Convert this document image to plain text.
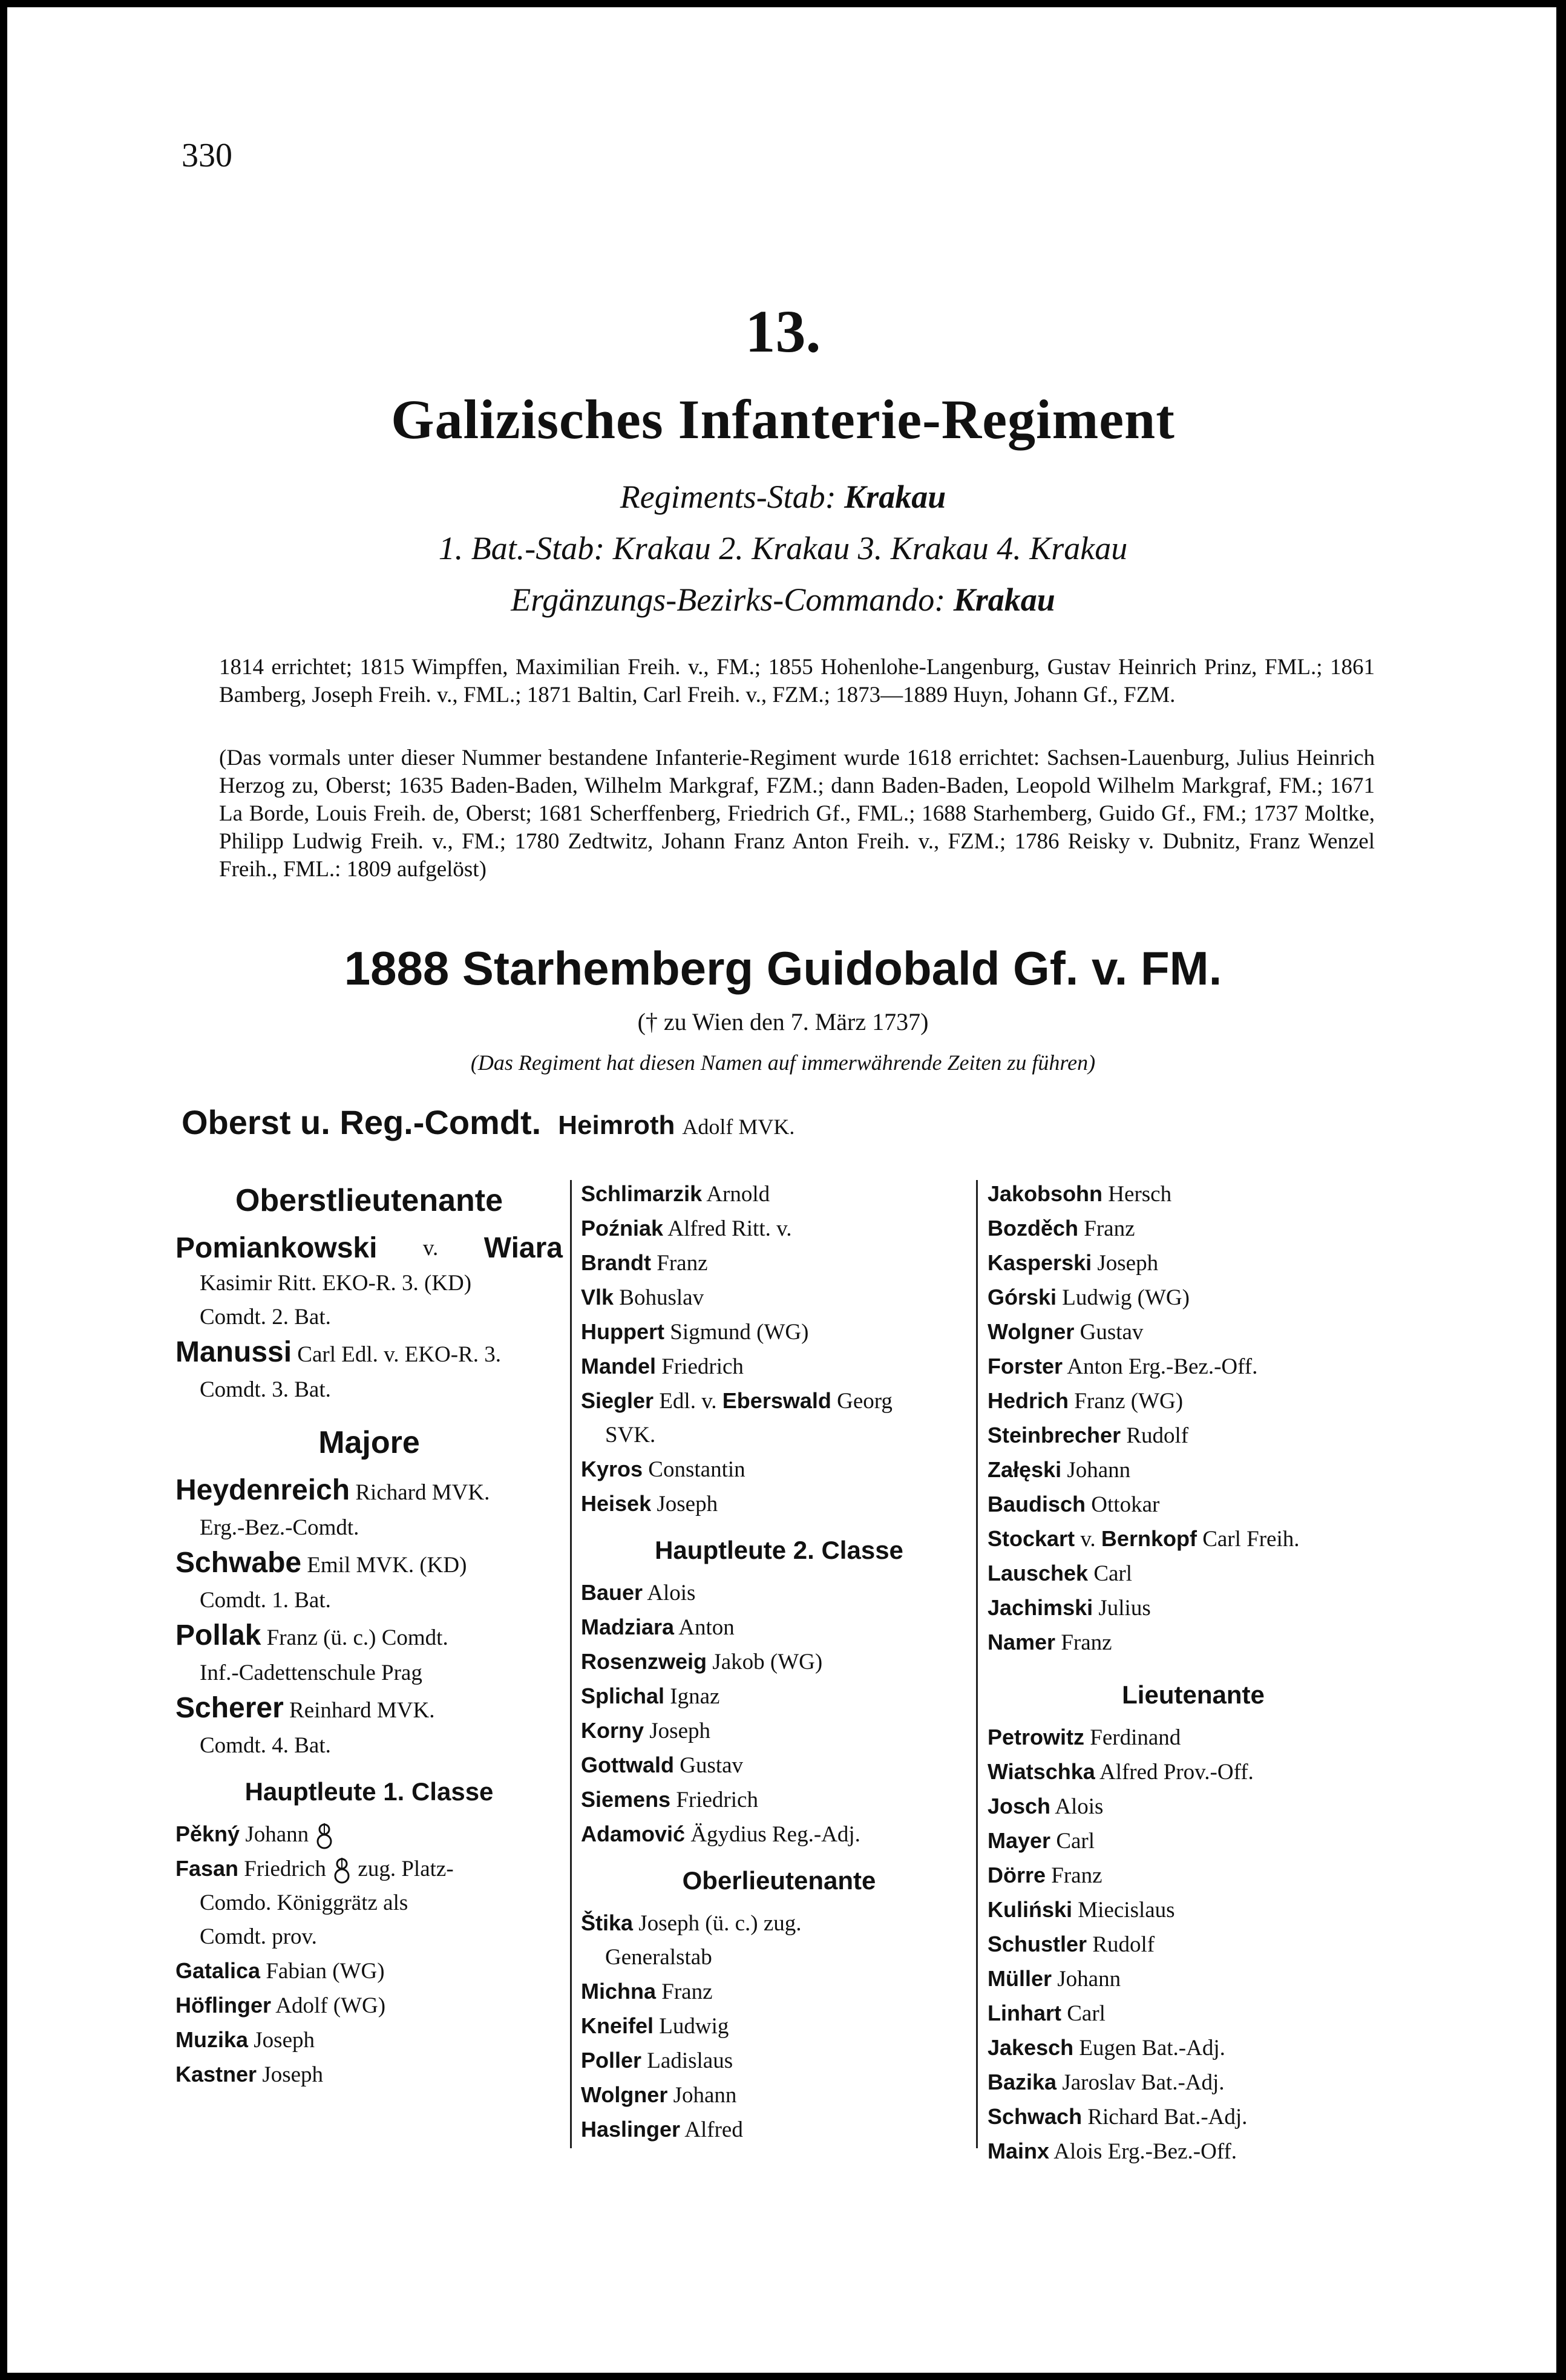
330
13.
Galizisches Infanterie-Regiment
Regiments-Stab: Krakau
1. Bat.-Stab: Krakau 2. Krakau 3. Krakau 4. Krakau
Ergänzungs-Bezirks-Commando: Krakau
1814 errichtet; 1815 Wimpffen, Maximilian Freih. v., FM.; 1855 Hohenlohe-Langenburg, Gustav Heinrich Prinz, FML.; 1861 Bamberg, Joseph Freih. v., FML.; 1871 Baltin, Carl Freih. v., FZM.; 1873—1889 Huyn, Johann Gf., FZM.
(Das vormals unter dieser Nummer bestandene Infanterie-Regiment wurde 1618 errichtet: Sachsen-Lauenburg, Julius Heinrich Herzog zu, Oberst; 1635 Baden-Baden, Wilhelm Markgraf, FZM.; dann Baden-Baden, Leopold Wilhelm Markgraf, FM.; 1671 La Borde, Louis Freih. de, Oberst; 1681 Scherffenberg, Friedrich Gf., FML.; 1688 Starhemberg, Guido Gf., FM.; 1737 Moltke, Philipp Ludwig Freih. v., FM.; 1780 Zedtwitz, Johann Franz Anton Freih. v., FZM.; 1786 Reisky v. Dubnitz, Franz Wenzel Freih., FML.: 1809 aufgelöst)
1888 Starhemberg Guidobald Gf. v. FM.
(† zu Wien den 7. März 1737)
(Das Regiment hat diesen Namen auf immerwährende Zeiten zu führen)
Oberst u. Reg.-Comdt. Heimroth Adolf MVK.
Oberstlieutenante
Pomiankowski v. Wiara
Kasimir Ritt. EKO-R. 3. (KD)
Comdt. 2. Bat.
Manussi Carl Edl. v. EKO-R. 3.
Comdt. 3. Bat.
Majore
Heydenreich Richard MVK.
Erg.-Bez.-Comdt.
Schwabe Emil MVK. (KD)
Comdt. 1. Bat.
Pollak Franz (ü. c.) Comdt.
Inf.-Cadettenschule Prag
Scherer Reinhard MVK.
Comdt. 4. Bat.
Hauptleute 1. Classe
Pěkný Johann
Fasan Friedrich zug. Platz-
Comdo. Königgrätz als
Comdt. prov.
Gatalica Fabian (WG)
Höflinger Adolf (WG)
Muzika Joseph
Kastner Joseph
Schlimarzik Arnold
Poźniak Alfred Ritt. v.
Brandt Franz
Vlk Bohuslav
Huppert Sigmund (WG)
Mandel Friedrich
Siegler Edl. v. Eberswald Georg
SVK.
Kyros Constantin
Heisek Joseph
Hauptleute 2. Classe
Bauer Alois
Madziara Anton
Rosenzweig Jakob (WG)
Splichal Ignaz
Korny Joseph
Gottwald Gustav
Siemens Friedrich
Adamović Ägydius Reg.-Adj.
Oberlieutenante
Štika Joseph (ü. c.) zug.
Generalstab
Michna Franz
Kneifel Ludwig
Poller Ladislaus
Wolgner Johann
Haslinger Alfred
Jakobsohn Hersch
Bozděch Franz
Kasperski Joseph
Górski Ludwig (WG)
Wolgner Gustav
Forster Anton Erg.-Bez.-Off.
Hedrich Franz (WG)
Steinbrecher Rudolf
Załęski Johann
Baudisch Ottokar
Stockart v. Bernkopf Carl Freih.
Lauschek Carl
Jachimski Julius
Namer Franz
Lieutenante
Petrowitz Ferdinand
Wiatschka Alfred Prov.-Off.
Josch Alois
Mayer Carl
Dörre Franz
Kuliński Miecislaus
Schustler Rudolf
Müller Johann
Linhart Carl
Jakesch Eugen Bat.-Adj.
Bazika Jaroslav Bat.-Adj.
Schwach Richard Bat.-Adj.
Mainx Alois Erg.-Bez.-Off.
